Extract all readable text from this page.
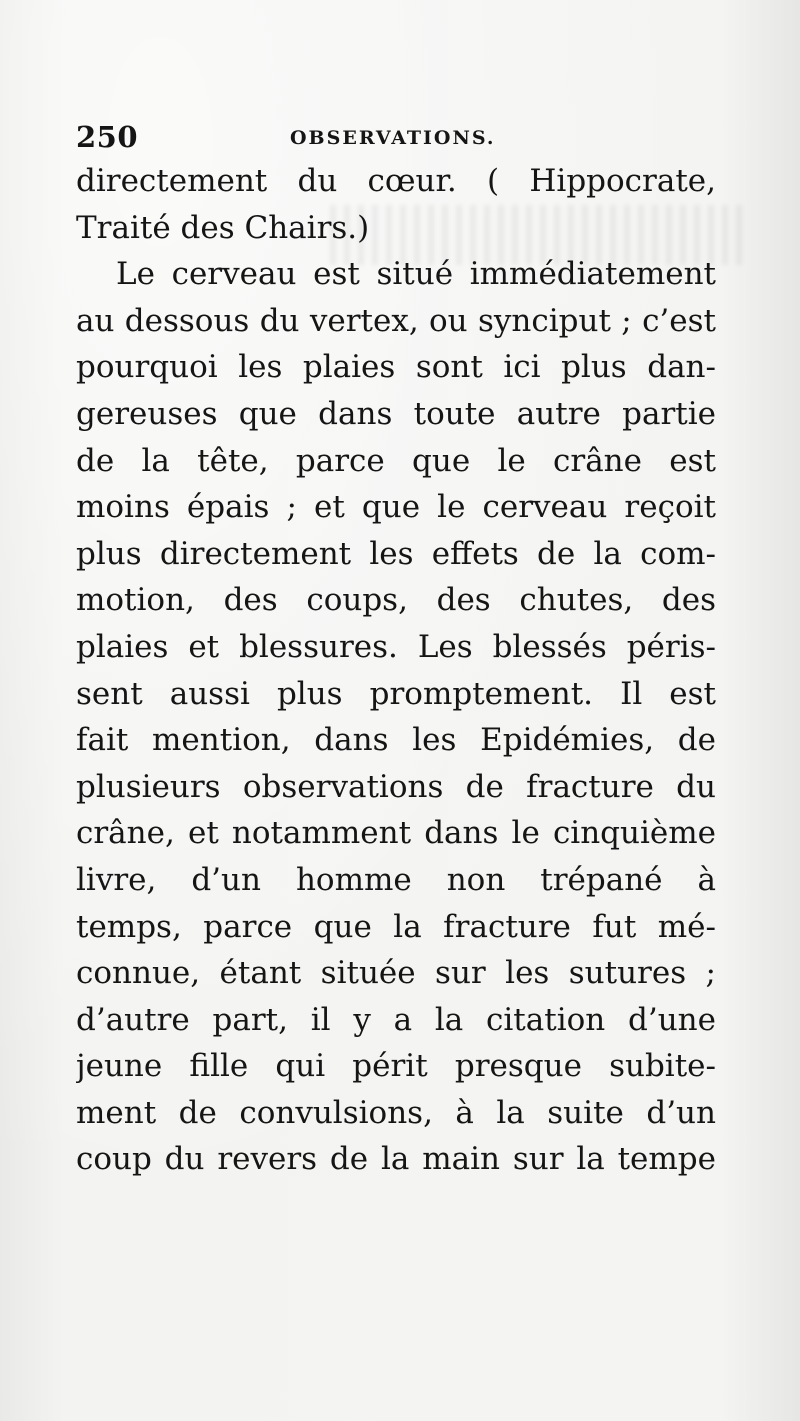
250	OBSERVATIONS.
directement du cœur. ( Hippocrate,
Traité des Chairs.)
Le cerveau est situé immédiatement
au dessous du vertex, ou synciput ; c’est
pourquoi les plaies sont ici plus dan-
gereuses que dans toute autre partie
de la tête, parce que le crâne est
moins épais ; et que le cerveau reçoit
plus directement les effets de la com-
motion, des coups, des chutes, des
plaies et blessures. Les blessés péris-
sent aussi plus promptement. Il est
fait mention, dans les Epidémies, de
plusieurs observations de fracture du
crâne, et notamment dans le cinquième
livre, d’un homme non trépané à
temps, parce que la fracture fut mé-
connue, étant située sur les sutures ;
d’autre part, il y a la citation d’une
jeune fille qui périt presque subite-
ment de convulsions, à la suite d’un
coup du revers de la main sur la tempe
